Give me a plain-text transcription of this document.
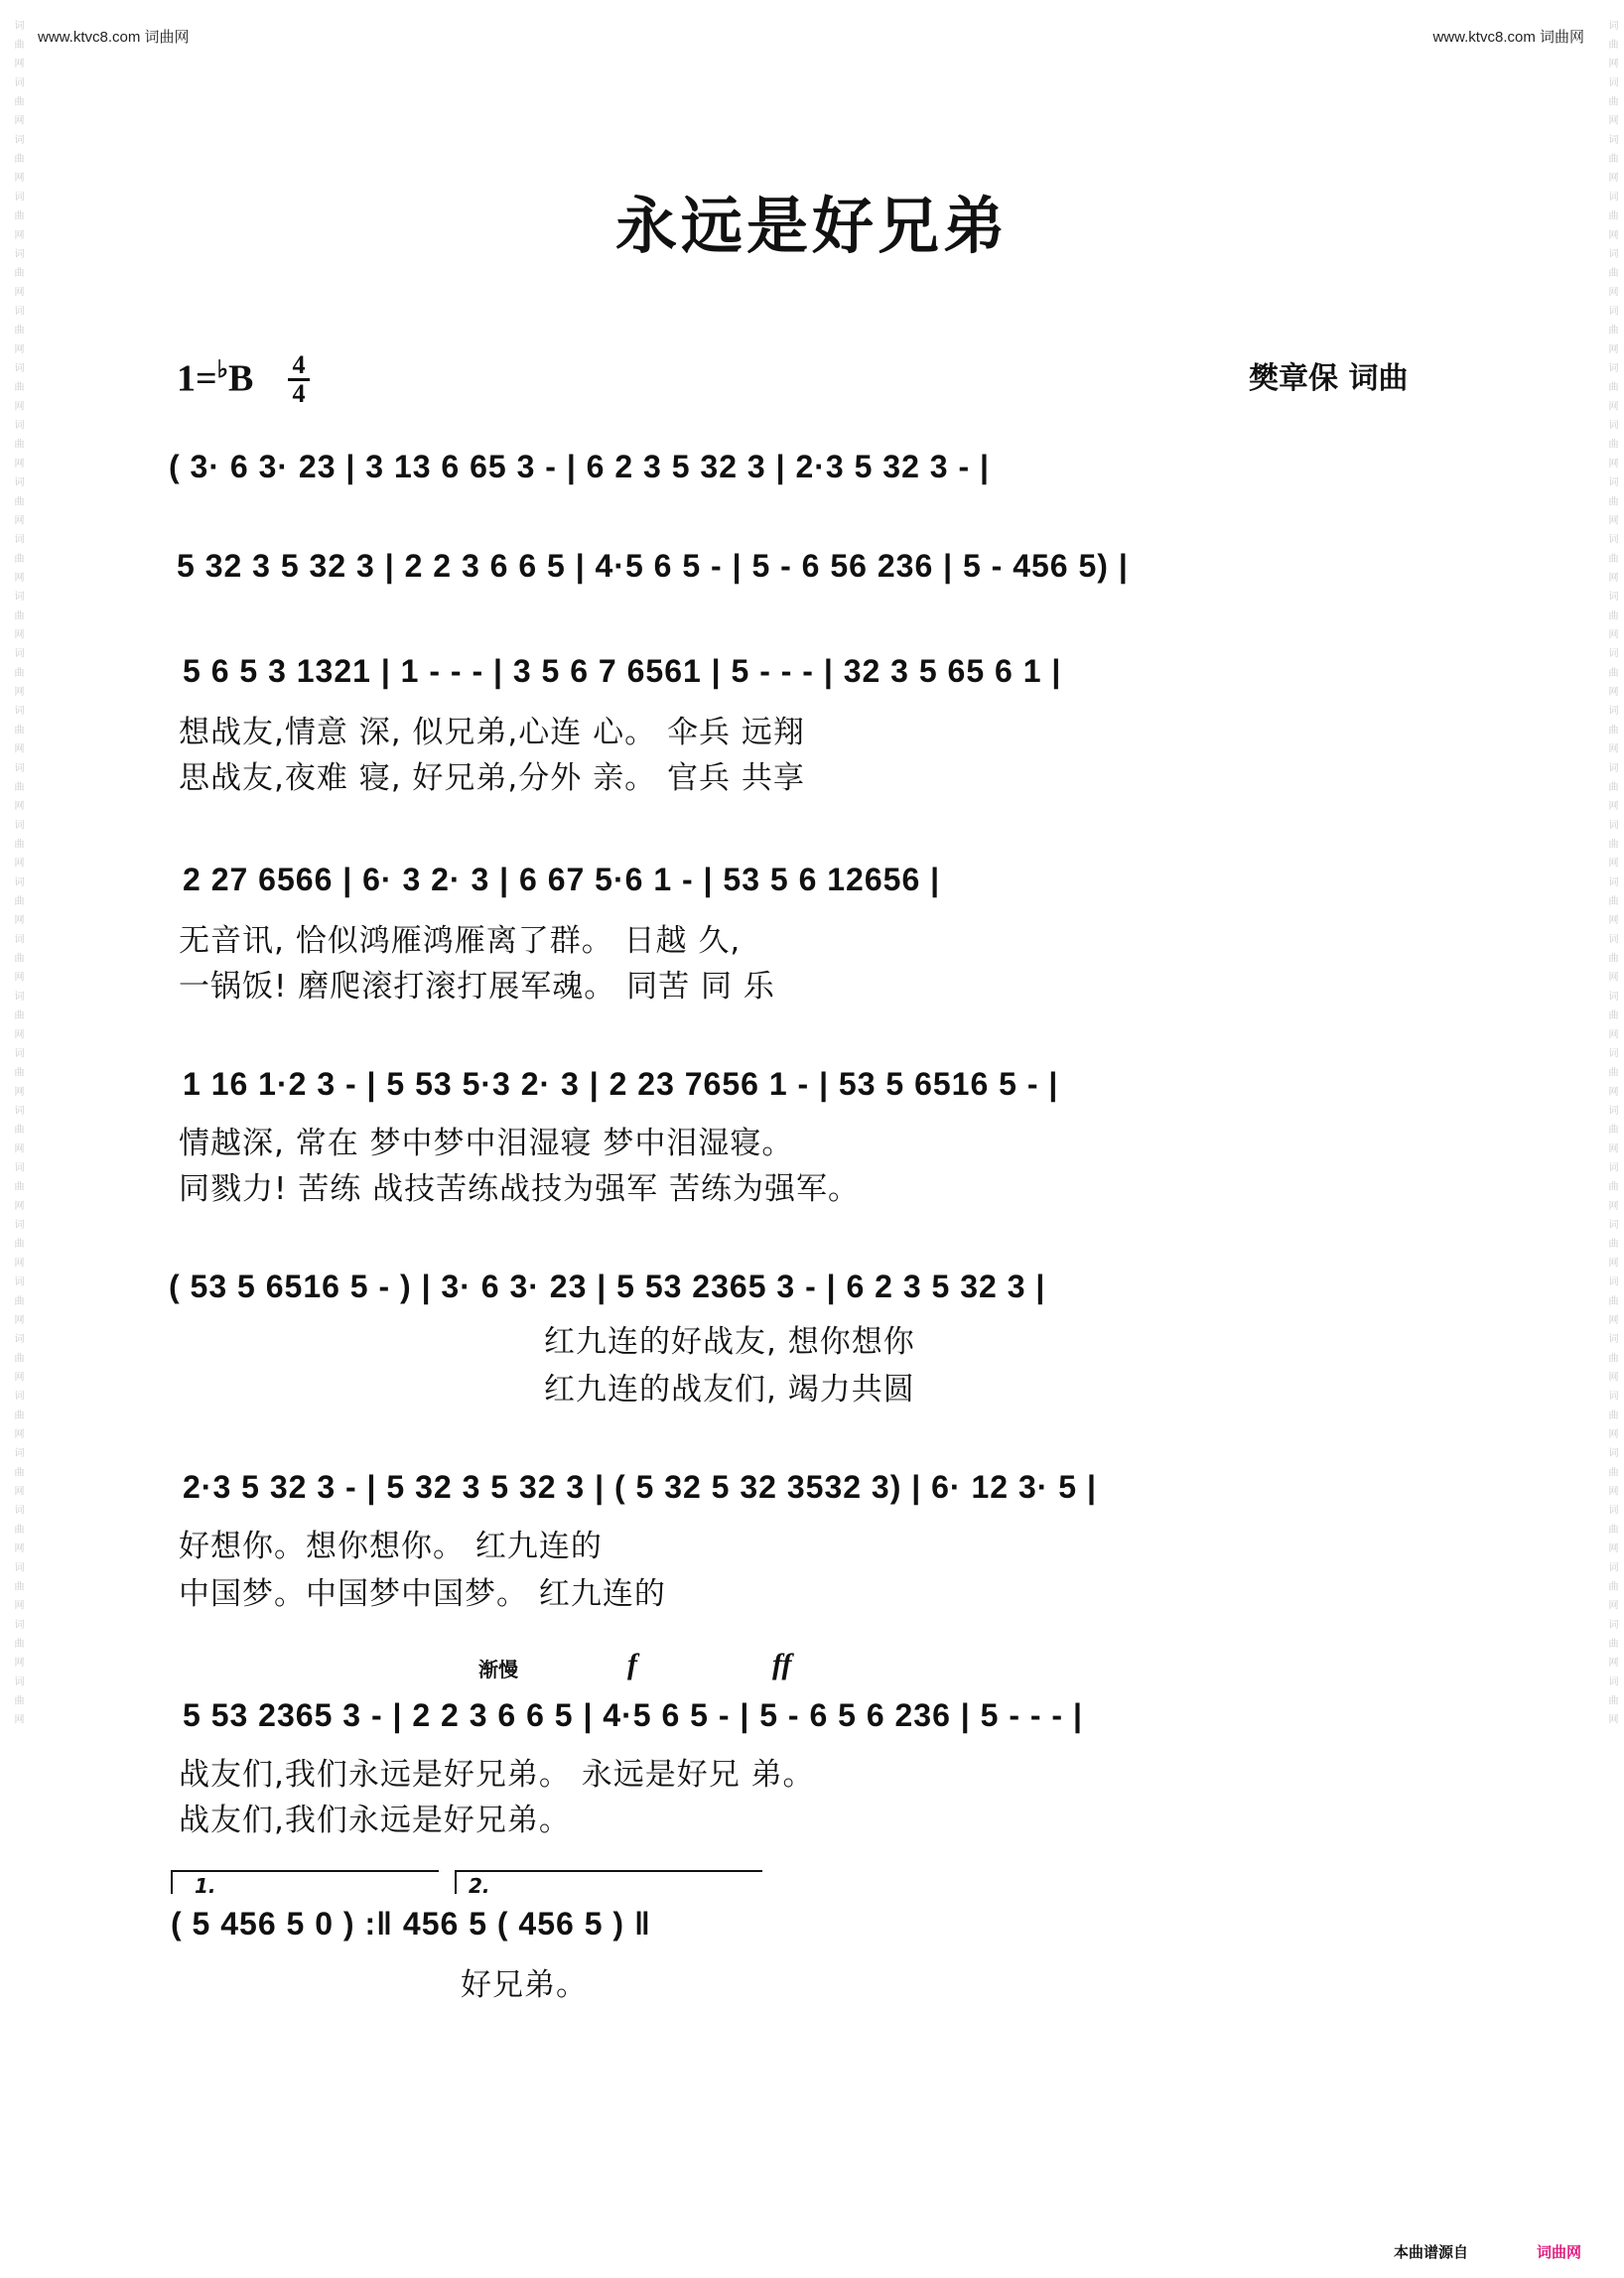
词 曲 网 词 曲 网 词 曲 网 词 曲 网 词 曲 网 词 曲 网 词 曲 网 词 曲 网 词 曲 网 词 曲 网 词 曲 网 词 曲 网 词 曲 网 词 曲 网 词 曲 网 词 曲 网 词 曲 网 词 曲 网 词 曲 网 词 曲 网 词 曲 网 词 曲 网 词 曲 网 词 曲 网 词 曲 网 词 曲 网 词 曲 网 词 曲 网 词 曲 网 词 曲 网	词 曲 网 词 曲 网 词 曲 网 词 曲 网 词 曲 网 词 曲 网 词 曲 网 词 曲 网 词 曲 网 词 曲 网 词 曲 网 词 曲 网 词 曲 网 词 曲 网 词 曲 网 词 曲 网 词 曲 网 词 曲 网 词 曲 网 词 曲 网 词 曲 网 词 曲 网 词 曲 网 词 曲 网 词 曲 网 词 曲 网 词 曲 网 词 曲 网 词 曲 网 词 曲 网
www.ktvc8.com 词曲网	www.ktvc8.com 词曲网
永远是好兄弟
1=♭B 4
4	樊章保 词曲
( 3· 6 3· 23 | 3 13 6 65 3 - | 6 2 3 5 32 3 | 2·3 5 32 3 - |
5 32 3 5 32 3 | 2 2 3 6 6 5 | 4·5 6 5 - | 5 - 6 56 236 | 5 - 456 5) |
5 6 5 3 1321 | 1 - - - | 3 5 6 7 6561 | 5 - - - | 32 3 5 65 6 1 |
想战友,情意 深, 似兄弟,心连 心。 伞兵 远翔
思战友,夜难 寝, 好兄弟,分外 亲。 官兵 共享
2 27 6566 | 6· 3 2· 3 | 6 67 5·6 1 - | 53 5 6 12656 |
无音讯, 恰似鸿雁鸿雁离了群。 日越 久,
一锅饭! 磨爬滚打滚打展军魂。 同苦 同 乐
1 16 1·2 3 - | 5 53 5·3 2· 3 | 2 23 7656 1 - | 53 5 6516 5 - |
情越深, 常在 梦中梦中泪湿寝 梦中泪湿寝。
同戮力! 苦练 战技苦练战技为强军 苦练为强军。
( 53 5 6516 5 - ) | 3· 6 3· 23 | 5 53 2365 3 - | 6 2 3 5 32 3 |
红九连的好战友, 想你想你
红九连的战友们, 竭力共圆
2·3 5 32 3 - | 5 32 3 5 32 3 | ( 5 32 5 32 3532 3) | 6· 12 3· 5 |
好想你。想你想你。 红九连的
中国梦。中国梦中国梦。 红九连的
渐慢	f	ff
5 53 2365 3 - | 2 2 3 6 6 5 | 4·5 6 5 - | 5 - 6 5 6 236 | 5 - - - |
战友们,我们永远是好兄弟。 永远是好兄 弟。
战友们,我们永远是好兄弟。
1.	2.
( 5 456 5 0 ) :‖ 456 5 ( 456 5 ) ‖
好兄弟。
本曲谱源自	词曲网
